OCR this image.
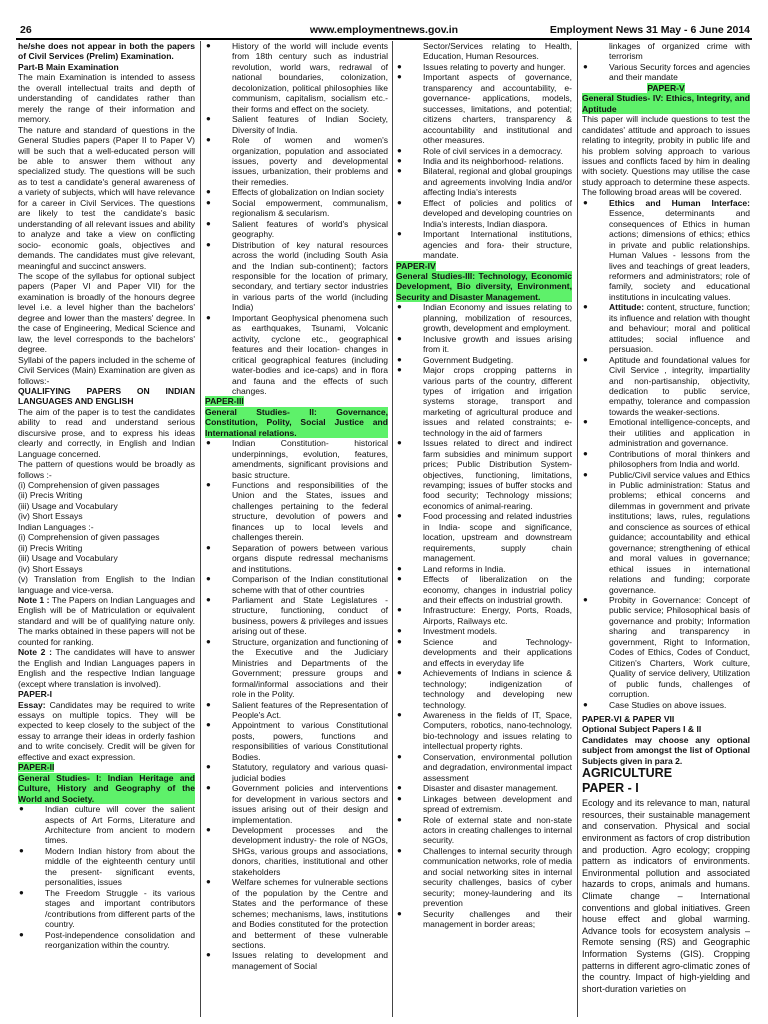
26	www.employmentnews.gov.in	Employment News 31 May - 6 June 2014

he/she does not appear in both the papers of Civil Services (Prelim) Examination.

Part-B Main Examination

The main Examination is intended to assess the overall intellectual traits and depth of understanding of candidates rather than merely the range of their information and memory.

The nature and standard of questions in the General Studies papers (Paper II to Paper V) will be such that a well-educated person will be able to answer them without any specialized study. The questions will be such as to test a candidate's general awareness of a variety of subjects, which will have relevance for a career in Civil Services. The questions are likely to test the candidate's basic understanding of all relevant issues and ability to analyze and take a view on conflicting socio- economic goals, objectives and demands. The candidates must give relevant, meaningful and succinct answers.

The scope of the syllabus for optional subject papers (Paper VI and Paper VII) for the examination is broadly of the honours degree level i.e. a level higher than the bachelors' degree and lower than the masters' degree. In the case of Engineering, Medical Science and law, the level corresponds to the bachelors' degree.

Syllabi of the papers included in the scheme of Civil Services (Main) Examination are given as follows:-

QUALIFYING PAPERS ON INDIAN LANGUAGES AND ENGLISH

The aim of the paper is to test the candidates ability to read and understand serious discursive prose, and to express his ideas clearly and correctly, in English and Indian Language concerned.

The pattern of questions would be broadly as follows :-

(i) Comprehension of given passages

(ii) Precis Writing

(iii) Usage and Vocabulary

(iv) Short Essays

Indian Languages :-

(i) Comprehension of given passages

(ii) Precis Writing

(iii) Usage and Vocabulary

(iv) Short Essays

(v) Translation from English to the Indian language and vice-versa.

Note 1 : The Papers on Indian Languages and English will be of Matriculation or equivalent standard and will be of qualifying nature only. The marks obtained in these papers will not be counted for ranking.

Note 2 : The candidates will have to answer the English and Indian Languages papers in English and the respective Indian language (except where translation is involved).

PAPER-I

Essay: Candidates may be required to write essays on multiple topics. They will be expected to keep closely to the subject of the essay to arrange their ideas in orderly fashion and to write concisely. Credit will be given for effective and exact expression.

PAPER-II

General Studies- I: Indian Heritage and Culture, History and Geography of the World and Society.

● Indian culture will cover the salient aspects of Art Forms, Literature and Architecture from ancient to modern times.
● Modern Indian history from about the middle of the eighteenth century until the present- significant events, personalities, issues
● The Freedom Struggle - its various stages and important contributors /contributions from different parts of the country.
● Post-independence consolidation and reorganization within the country.
● History of the world will include events from 18th century such as industrial revolution, world wars, redrawal of national boundaries, colonization, decolonization, political philosophies like communism, capitalism, socialism etc.- their forms and effect on the society.
● Salient features of Indian Society, Diversity of India.
● Role of women and women's organization, population and associated issues, poverty and developmental issues, urbanization, their problems and their remedies.
● Effects of globalization on Indian society
● Social empowerment, communalism, regionalism & secularism.
● Salient features of world's physical geography.
● Distribution of key natural resources across the world (including South Asia and the Indian sub-continent); factors responsible for the location of primary, secondary, and tertiary sector industries in various parts of the world (including India)
● Important Geophysical phenomena such as earthquakes, Tsunami, Volcanic activity, cyclone etc., geographical features and their location- changes in critical geographical features (including water-bodies and ice-caps) and in flora and fauna and the effects of such changes.

PAPER-III

General Studies- II: Governance, Constitution, Polity, Social Justice and International relations.

● Indian Constitution- historical underpinnings, evolution, features, amendments, significant provisions and basic structure.
● Functions and responsibilities of the Union and the States, issues and challenges pertaining to the federal structure, devolution of powers and finances up to local levels and challenges therein.
● Separation of powers between various organs dispute redressal mechanisms and institutions.
● Comparison of the Indian constitutional scheme with that of other countries
● Parliament and State Legislatures - structure, functioning, conduct of business, powers & privileges and issues arising out of these.
● Structure, organization and functioning of the Executive and the Judiciary Ministries and Departments of the Government; pressure groups and formal/informal associations and their role in the Polity.
● Salient features of the Representation of People's Act.
● Appointment to various Constitutional posts, powers, functions and responsibilities of various Constitutional Bodies.
● Statutory, regulatory and various quasi-judicial bodies
● Government policies and interventions for development in various sectors and issues arising out of their design and implementation.
● Development processes and the development industry- the role of NGOs, SHGs, various groups and associations, donors, charities, institutional and other stakeholders
● Welfare schemes for vulnerable sections of the population by the Centre and States and the performance of these schemes; mechanisms, laws, institutions and Bodies constituted for the protection and betterment of these vulnerable sections.
● Issues relating to development and management of Social

Sector/Services relating to Health, Education, Human Resources.

● Issues relating to poverty and hunger.
● Important aspects of governance, transparency and accountability, e-governance- applications, models, successes, limitations, and potential; citizens charters, transparency & accountability and institutional and other measures.
● Role of civil services in a democracy.
● India and its neighborhood- relations.
● Bilateral, regional and global groupings and agreements involving India and/or affecting India's interests
● Effect of policies and politics of developed and developing countries on India's interests, Indian diaspora.
● Important International institutions, agencies and fora- their structure, mandate.

PAPER-IV

General Studies-III: Technology, Economic Development, Bio diversity, Environment, Security and Disaster Management.

● Indian Economy and issues relating to planning, mobilization of resources, growth, development and employment.
● Inclusive growth and issues arising from it.
● Government Budgeting.
● Major crops cropping patterns in various parts of the country, different types of irrigation and irrigation systems storage, transport and marketing of agricultural produce and issues and related constraints; e-technology in the aid of farmers
● Issues related to direct and indirect farm subsidies and minimum support prices; Public Distribution System- objectives, functioning, limitations, revamping; issues of buffer stocks and food security; Technology missions; economics of animal-rearing.
● Food processing and related industries in India- scope and significance, location, upstream and downstream requirements, supply chain management.
● Land reforms in India.
● Effects of liberalization on the economy, changes in industrial policy and their effects on industrial growth.
● Infrastructure: Energy, Ports, Roads, Airports, Railways etc.
● Investment models.
● Science and Technology- developments and their applications and effects in everyday life
● Achievements of Indians in science & technology; indigenization of technology and developing new technology.
● Awareness in the fields of IT, Space, Computers, robotics, nano-technology, bio-technology and issues relating to intellectual property rights.
● Conservation, environmental pollution and degradation, environmental impact assessment
● Disaster and disaster management.
● Linkages between development and spread of extremism.
● Role of external state and non-state actors in creating challenges to internal security.
● Challenges to internal security through communication networks, role of media and social networking sites in internal security challenges, basics of cyber security; money-laundering and its prevention
● Security challenges and their management in border areas;

linkages of organized crime with terrorism

● Various Security forces and agencies and their mandate

PAPER-V

General Studies- IV: Ethics, Integrity, and Aptitude

This paper will include questions to test the candidates' attitude and approach to issues relating to integrity, probity in public life and his problem solving approach to various issues and conflicts faced by him in dealing with society. Questions may utilise the case study approach to determine these aspects. The following broad areas will be covered.

● Ethics and Human Interface: Essence, determinants and consequences of Ethics in human actions; dimensions of ethics; ethics in private and public relationships. Human Values - lessons from the lives and teachings of great leaders, reformers and administrators; role of family, society and educational institutions in inculcating values.
● Attitude: content, structure, function; its influence and relation with thought and behaviour; moral and political attitudes; social influence and persuasion.
● Aptitude and foundational values for Civil Service , integrity, impartiality and non-partisanship, objectivity, dedication to public service, empathy, tolerance and compassion towards the weaker-sections.
● Emotional intelligence-concepts, and their utilities and application in administration and governance.
● Contributions of moral thinkers and philosophers from India and world.
● Public/Civil service values and Ethics in Public administration: Status and problems; ethical concerns and dilemmas in government and private institutions; laws, rules, regulations and conscience as sources of ethical guidance; accountability and ethical governance; strengthening of ethical and moral values in governance; ethical issues in international relations and funding; corporate governance.
● Probity in Governance: Concept of public service; Philosophical basis of governance and probity; Information sharing and transparency in government, Right to Information, Codes of Ethics, Codes of Conduct, Citizen's Charters, Work culture, Quality of service delivery, Utilization of public funds, challenges of corruption.
● Case Studies on above issues.

PAPER-VI & PAPER VII

Optional Subject Papers I & II

Candidates may choose any optional subject from amongst the list of Optional Subjects given in para 2.

AGRICULTURE

PAPER - I

Ecology and its relevance to man, natural resources, their sustainable management and conservation. Physical and social environment as factors of crop distribution and production. Agro ecology; cropping pattern as indicators of environments. Environmental pollution and associated hazards to crops, animals and humans. Climate change – International conventions and global initiatives. Green house effect and global warming. Advance tools for ecosystem analysis – Remote sensing (RS) and Geographic Information Systems (GIS). Cropping patterns in different agro-climatic zones of the country. Impact of high-yielding and short-duration varieties on
